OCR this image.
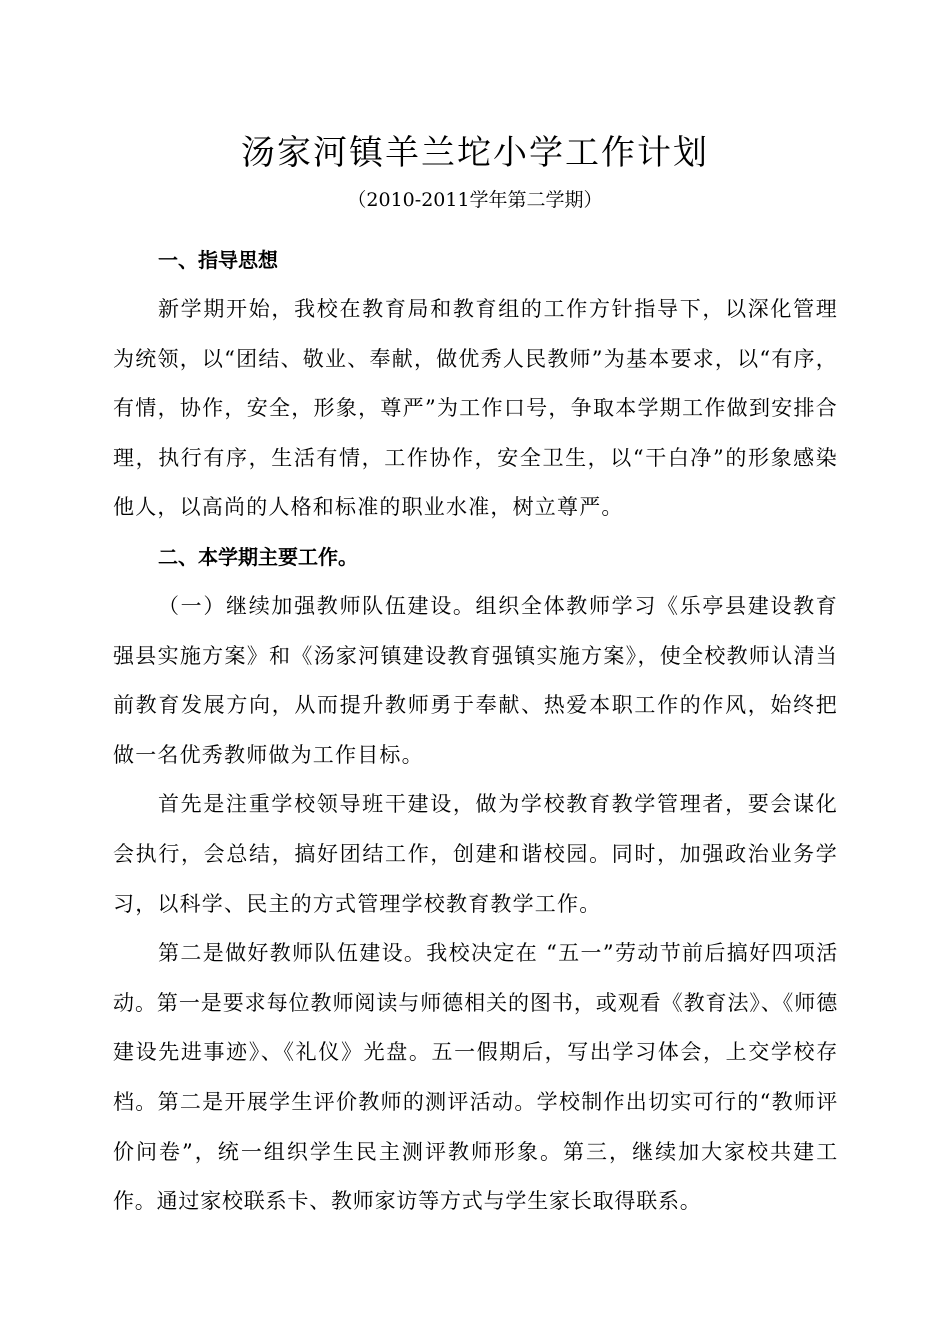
汤家河镇羊兰坨小学工作计划
（2010-2011学年第二学期）
一、指导思想

新学期开始，我校在教育局和教育组的工作方针指导下，以深化管理为统领，以“团结、敬业、奉献，做优秀人民教师”为基本要求，以“有序，有情，协作，安全，形象，尊严”为工作口号，争取本学期工作做到安排合理，执行有序，生活有情，工作协作，安全卫生，以“干白净”的形象感染他人，以高尚的人格和标准的职业水准，树立尊严。

二、本学期主要工作。

（一）继续加强教师队伍建设。组织全体教师学习《乐亭县建设教育强县实施方案》和《汤家河镇建设教育强镇实施方案》，使全校教师认清当前教育发展方向，从而提升教师勇于奉献、热爱本职工作的作风，始终把做一名优秀教师做为工作目标。

首先是注重学校领导班干建设，做为学校教育教学管理者，要会谋化会执行，会总结，搞好团结工作，创建和谐校园。同时，加强政治业务学习，以科学、民主的方式管理学校教育教学工作。

第二是做好教师队伍建设。我校决定在 “五一”劳动节前后搞好四项活动。第一是要求每位教师阅读与师德相关的图书，或观看《教育法》、《师德建设先进事迹》、《礼仪》光盘。五一假期后，写出学习体会，上交学校存档。第二是开展学生评价教师的测评活动。学校制作出切实可行的“教师评价问卷”，统一组织学生民主测评教师形象。第三，继续加大家校共建工作。通过家校联系卡、教师家访等方式与学生家长取得联系。
